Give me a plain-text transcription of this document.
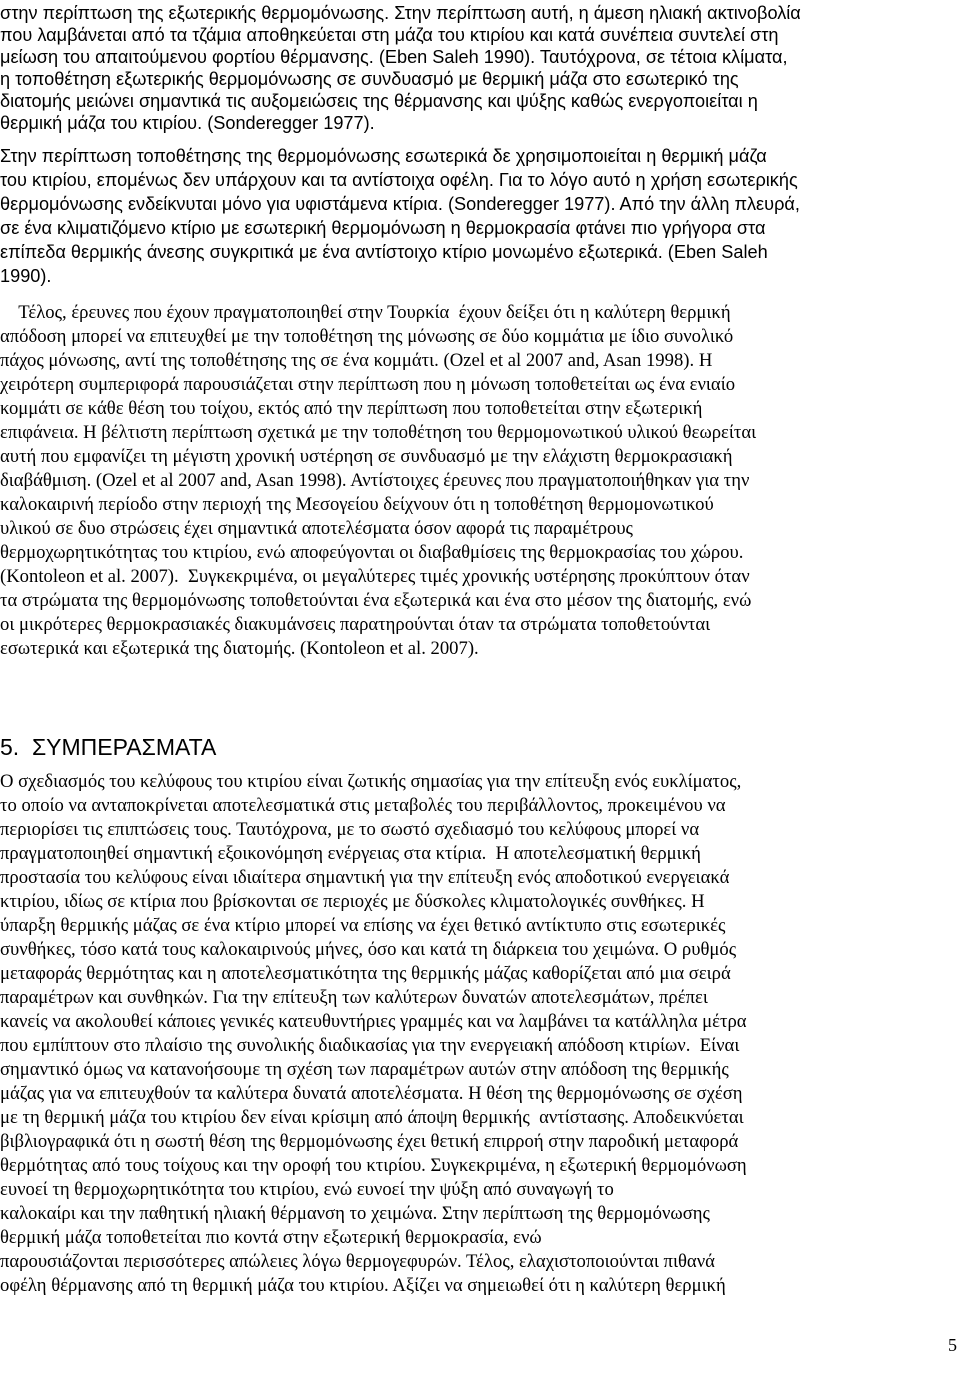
στην περίπτωση της εξωτερικής θερμομόνωσης. Στην περίπτωση αυτή, η άμεση ηλιακή ακτινοβολία
που λαμβάνεται από τα τζάμια αποθηκεύεται στη μάζα του κτιρίου και κατά συνέπεια συντελεί στη
μείωση του απαιτούμενου φορτίου θέρμανσης. (Eben Saleh 1990). Ταυτόχρονα, σε τέτοια κλίματα,
η τοποθέτηση εξωτερικής θερμομόνωσης σε συνδυασμό με θερμική μάζα στο εσωτερικό της
διατομής μειώνει σημαντικά τις αυξομειώσεις της θέρμανσης και ψύξης καθώς ενεργοποιείται η
θερμική μάζα του κτιρίου. (Sonderegger 1977).
Στην περίπτωση τοποθέτησης της θερμομόνωσης εσωτερικά δε χρησιμοποιείται η θερμική μάζα
του κτιρίου, επομένως δεν υπάρχουν και τα αντίστοιχα οφέλη. Για το λόγο αυτό η χρήση εσωτερικής
θερμομόνωσης ενδείκνυται μόνο για υφιστάμενα κτίρια. (Sonderegger 1977). Από την άλλη πλευρά,
σε ένα κλιματιζόμενο κτίριο με εσωτερική θερμομόνωση η θερμοκρασία φτάνει πιο γρήγορα στα
επίπεδα θερμικής άνεσης συγκριτικά με ένα αντίστοιχο κτίριο μονωμένο εξωτερικά. (Eben Saleh
1990).
Τέλος, έρευνες που έχουν πραγματοποιηθεί στην Τουρκία  έχουν δείξει ότι η καλύτερη θερμική
απόδοση μπορεί να επιτευχθεί με την τοποθέτηση της μόνωσης σε δύο κομμάτια με ίδιο συνολικό
πάχος μόνωσης, αντί της τοποθέτησης της σε ένα κομμάτι. (Ozel et al 2007 and, Asan 1998). Η
χειρότερη συμπεριφορά παρουσιάζεται στην περίπτωση που η μόνωση τοποθετείται ως ένα ενιαίο
κομμάτι σε κάθε θέση του τοίχου, εκτός από την περίπτωση που τοποθετείται στην εξωτερική
επιφάνεια. Η βέλτιστη περίπτωση σχετικά με την τοποθέτηση του θερμομονωτικού υλικού θεωρείται
αυτή που εμφανίζει τη μέγιστη χρονική υστέρηση σε συνδυασμό με την ελάχιστη θερμοκρασιακή
διαβάθμιση. (Ozel et al 2007 and, Asan 1998). Αντίστοιχες έρευνες που πραγματοποιήθηκαν για την
καλοκαιρινή περίοδο στην περιοχή της Μεσογείου δείχνουν ότι η τοποθέτηση θερμομονωτικού
υλικού σε δυο στρώσεις έχει σημαντικά αποτελέσματα όσον αφορά τις παραμέτρους
θερμοχωρητικότητας του κτιρίου, ενώ αποφεύγονται οι διαβαθμίσεις της θερμοκρασίας του χώρου.
(Kontoleon et al. 2007).  Συγκεκριμένα, οι μεγαλύτερες τιμές χρονικής υστέρησης προκύπτουν όταν
τα στρώματα της θερμομόνωσης τοποθετούνται ένα εξωτερικά και ένα στο μέσον της διατομής, ενώ
οι μικρότερες θερμοκρασιακές διακυμάνσεις παρατηρούνται όταν τα στρώματα τοποθετούνται
εσωτερικά και εξωτερικά της διατομής. (Kontoleon et al. 2007).
5.  ΣΥΜΠΕΡΑΣΜΑΤΑ
Ο σχεδιασμός του κελύφους του κτιρίου είναι ζωτικής σημασίας για την επίτευξη ενός ευκλίματος,
το οποίο να ανταποκρίνεται αποτελεσματικά στις μεταβολές του περιβάλλοντος, προκειμένου να
περιορίσει τις επιπτώσεις τους. Ταυτόχρονα, με το σωστό σχεδιασμό του κελύφους μπορεί να
πραγματοποιηθεί σημαντική εξοικονόμηση ενέργειας στα κτίρια.  Η αποτελεσματική θερμική
προστασία του κελύφους είναι ιδιαίτερα σημαντική για την επίτευξη ενός αποδοτικού ενεργειακά
κτιρίου, ιδίως σε κτίρια που βρίσκονται σε περιοχές με δύσκολες κλιματολογικές συνθήκες. Η
ύπαρξη θερμικής μάζας σε ένα κτίριο μπορεί να επίσης να έχει θετικό αντίκτυπο στις εσωτερικές
συνθήκες, τόσο κατά τους καλοκαιρινούς μήνες, όσο και κατά τη διάρκεια του χειμώνα. Ο ρυθμός
μεταφοράς θερμότητας και η αποτελεσματικότητα της θερμικής μάζας καθορίζεται από μια σειρά
παραμέτρων και συνθηκών. Για την επίτευξη των καλύτερων δυνατών αποτελεσμάτων, πρέπει
κανείς να ακολουθεί κάποιες γενικές κατευθυντήριες γραμμές και να λαμβάνει τα κατάλληλα μέτρα
που εμπίπτουν στο πλαίσιο της συνολικής διαδικασίας για την ενεργειακή απόδοση κτιρίων.  Είναι
σημαντικό όμως να κατανοήσουμε τη σχέση των παραμέτρων αυτών στην απόδοση της θερμικής
μάζας για να επιτευχθούν τα καλύτερα δυνατά αποτελέσματα. Η θέση της θερμομόνωσης σε σχέση
με τη θερμική μάζα του κτιρίου δεν είναι κρίσιμη από άποψη θερμικής  αντίστασης. Αποδεικνύεται
βιβλιογραφικά ότι η σωστή θέση της θερμομόνωσης έχει θετική επιρροή στην παροδική μεταφορά
θερμότητας από τους τοίχους και την οροφή του κτιρίου. Συγκεκριμένα, η εξωτερική θερμομόνωση
ευνοεί τη θερμοχωρητικότητα του κτιρίου, ενώ ευνοεί την ψύξη από συναγωγή το
καλοκαίρι και την παθητική ηλιακή θέρμανση το χειμώνα. Στην περίπτωση της θερμομόνωσης
θερμική μάζα τοποθετείται πιο κοντά στην εξωτερική θερμοκρασία, ενώ
παρουσιάζονται περισσότερες απώλειες λόγω θερμογεφυρών. Τέλος, ελαχιστοποιούνται πιθανά
οφέλη θέρμανσης από τη θερμική μάζα του κτιρίου. Αξίζει να σημειωθεί ότι η καλύτερη θερμική
5
